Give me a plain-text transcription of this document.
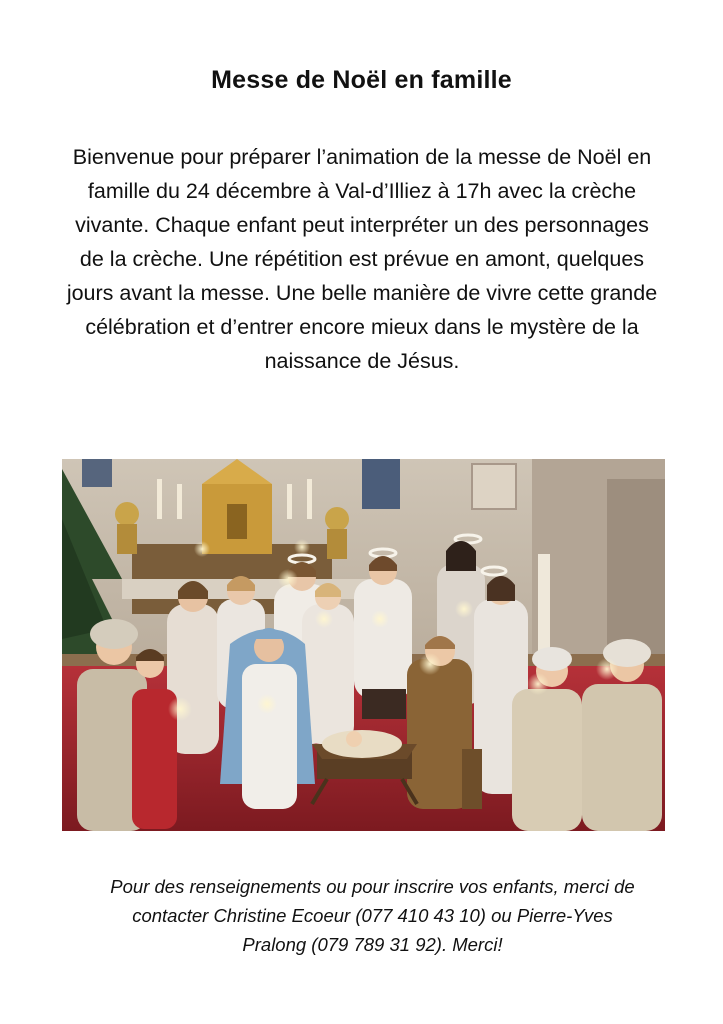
Messe de Noël en famille
Bienvenue pour préparer l’animation de la messe de Noël en famille du 24 décembre à Val-d’Illiez à 17h avec la crèche vivante. Chaque enfant peut interpréter un des personnages de la crèche. Une répétition est prévue en amont, quelques jours avant la messe. Une belle manière de vivre cette grande célébration et d’entrer encore mieux dans le mystère de la naissance de Jésus.
Pour des renseignements ou pour inscrire vos enfants, merci de contacter Christine Ecoeur (077 410 43 10) ou Pierre-Yves Pralong (079 789 31 92). Merci!
